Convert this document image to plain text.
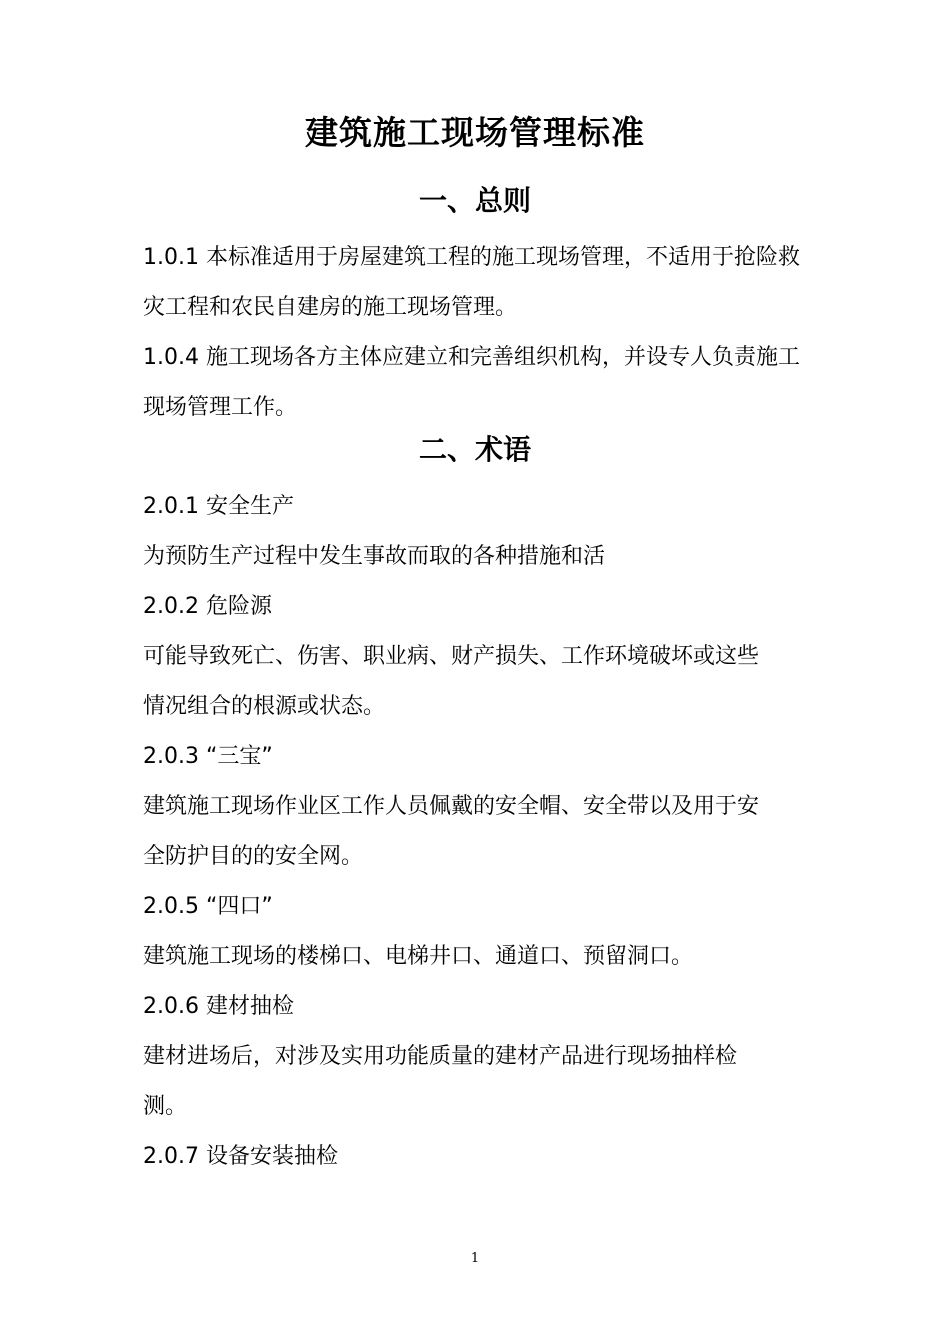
建筑施工现场管理标准
一、总则

1.0.1 本标准适用于房屋建筑工程的施工现场管理，不适用于抢险救

灾工程和农民自建房的施工现场管理。

1.0.4 施工现场各方主体应建立和完善组织机构，并设专人负责施工

现场管理工作。

二、术语

2.0.1 安全生产

为预防生产过程中发生事故而取的各种措施和活

2.0.2 危险源

可能导致死亡、伤害、职业病、财产损失、工作环境破坏或这些

情况组合的根源或状态。

2.0.3 “三宝”

建筑施工现场作业区工作人员佩戴的安全帽、安全带以及用于安

全防护目的的安全网。

2.0.5 “四口”

建筑施工现场的楼梯口、电梯井口、通道口、预留洞口。

2.0.6 建材抽检

建材进场后，对涉及实用功能质量的建材产品进行现场抽样检

测。

2.0.7 设备安装抽检

1
